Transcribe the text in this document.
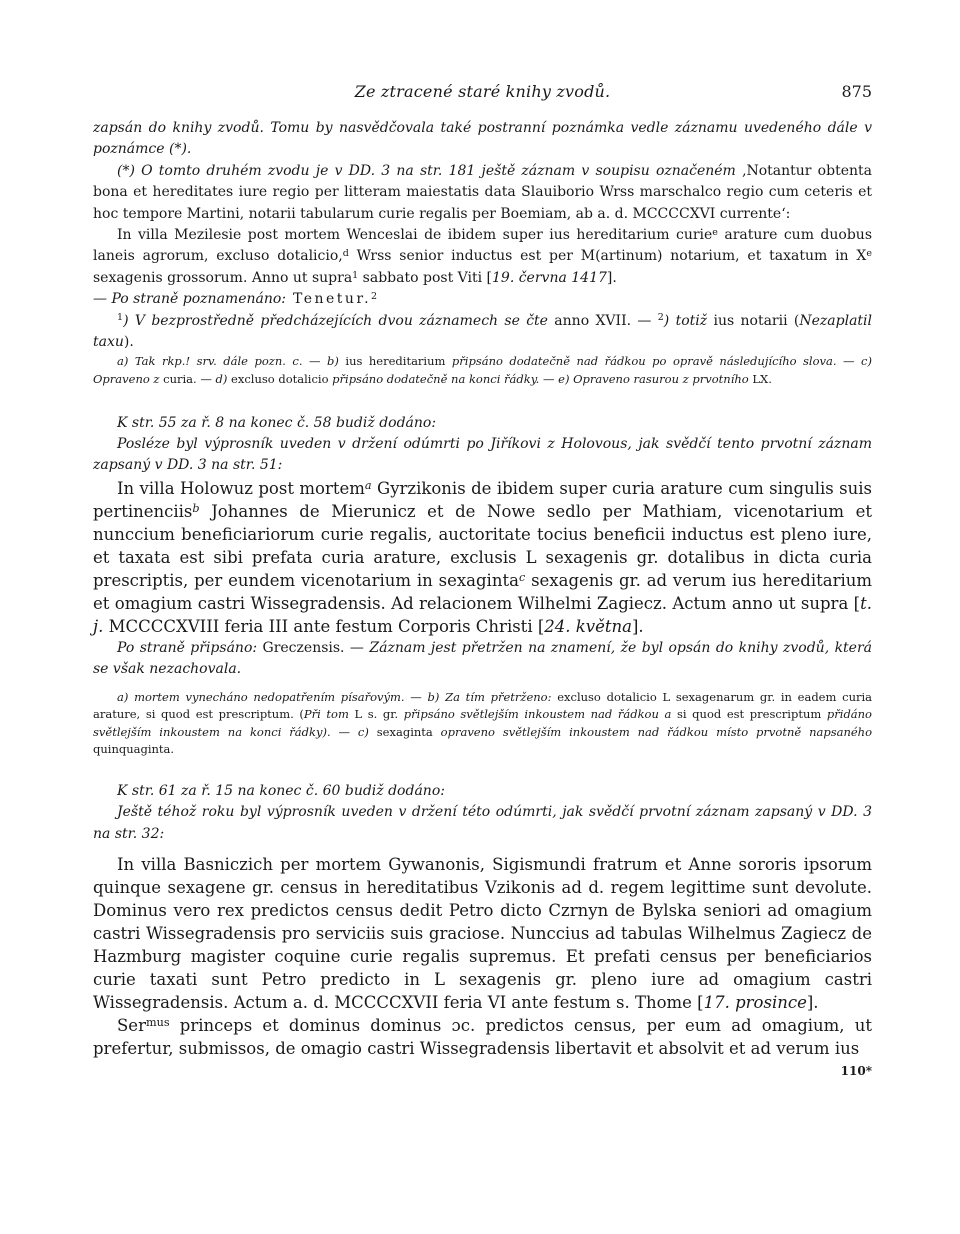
Ze ztracené staré knihy zvodů.	875

zapsán do knihy zvodů. Tomu by nasvědčovala také postranní poznámka vedle záznamu uvedeného dále v poznámce (*).

(*) O tomto druhém zvodu je v DD. 3 na str. 181 ještě záznam v soupisu označeném ‚Notantur obtenta bona et hereditates iure regio per litteram maiestatis data Slauiborio Wrss marschalco regio cum ceteris et hoc tempore Martini, notarii tabularum curie regalis per Boemiam, ab a. d. MCCCCXVI currente‘:

In villa Mezilesie post mortem Wenceslai de ibidem super ius hereditarium curie$^e$ arature cum duobus laneis agrorum, excluso dotalicio,$^d$ Wrss senior inductus est per M(artinum) notarium, et taxatum in Xe sexagenis grossorum. Anno ut supra$^1$ sabbato post Viti [19. června 1417].

— Po straně poznamenáno: Tenetur.$^2$

$^1$) V bezprostředně předcházejících dvou záznamech se čte anno XVII. — $^2$) totiž ius notarii (Nezaplatil taxu).

a) Tak rkp.! srv. dále pozn. c. — b) ius hereditarium připsáno dodatečně nad řádkou po opravě následujícího slova. — c) Opraveno z curia. — d) excluso dotalicio připsáno dodatečně na konci řádky. — e) Opraveno rasurou z prvotního LX.

K str. 55 za ř. 8 na konec č. 58 budiž dodáno:

Posléze byl výprosník uveden v držení odúmrti po Jiříkovi z Holovous, jak svědčí tento prvotní záznam zapsaný v DD. 3 na str. 51:

In villa Holowuz post mortem$^a$ Gyrzikonis de ibidem super curia arature cum singulis suis pertinenciis$^b$ Johannes de Mierunicz et de Nowe sedlo per Mathiam, vicenotarium et nunccium beneficiariorum curie regalis, auctoritate tocius beneficii inductus est pleno iure, et taxata est sibi prefata curia arature, exclusis L sexagenis gr. dotalibus in dicta curia prescriptis, per eundem vicenotarium in sexaginta$^c$ sexagenis gr. ad verum ius hereditarium et omagium castri Wissegradensis. Ad relacionem Wilhelmi Zagiecz. Actum anno ut supra [t. j. MCCCCXVIII feria III ante festum Corporis Christi [24. května].

Po straně připsáno: Greczensis. — Záznam jest přetržen na znamení, že byl opsán do knihy zvodů, která se však nezachovala.

a) mortem vynecháno nedopatřením písařovým. — b) Za tím přetrženo: excluso dotalicio L sexagenarum gr. in eadem curia arature, si quod est prescriptum. (Při tom L s. gr. připsáno světlejším inkoustem nad řádkou a si quod est prescriptum přidáno světlejším inkoustem na konci řádky). — c) sexaginta opraveno světlejším inkoustem nad řádkou místo prvotně napsaného quinquaginta.

K str. 61 za ř. 15 na konec č. 60 budiž dodáno:

Ještě téhož roku byl výprosník uveden v držení této odúmrti, jak svědčí prvotní záznam zapsaný v DD. 3 na str. 32:

In villa Basniczich per mortem Gywanonis, Sigismundi fratrum et Anne sororis ipsorum quinque sexagene gr. census in hereditatibus Vzikonis ad d. regem legittime sunt devolute. Dominus vero rex predictos census dedit Petro dicto Czrnyn de Bylska seniori ad omagium castri Wissegradensis pro serviciis suis graciose. Nunccius ad tabulas Wilhelmus Zagiecz de Hazmburg magister coquine curie regalis supremus. Et prefati census per beneficiarios curie taxati sunt Petro predicto in L sexagenis gr. pleno iure ad omagium castri Wissegradensis. Actum a. d. MCCCCXVII feria VI ante festum s. Thome [17. prosince].

Ser$^{mus}$ princeps et dominus dominus ɔc. predictos census, per eum ad omagium, ut prefertur, submissos, de omagio castri Wissegradensis libertavit et absolvit et ad verum ius

110*
